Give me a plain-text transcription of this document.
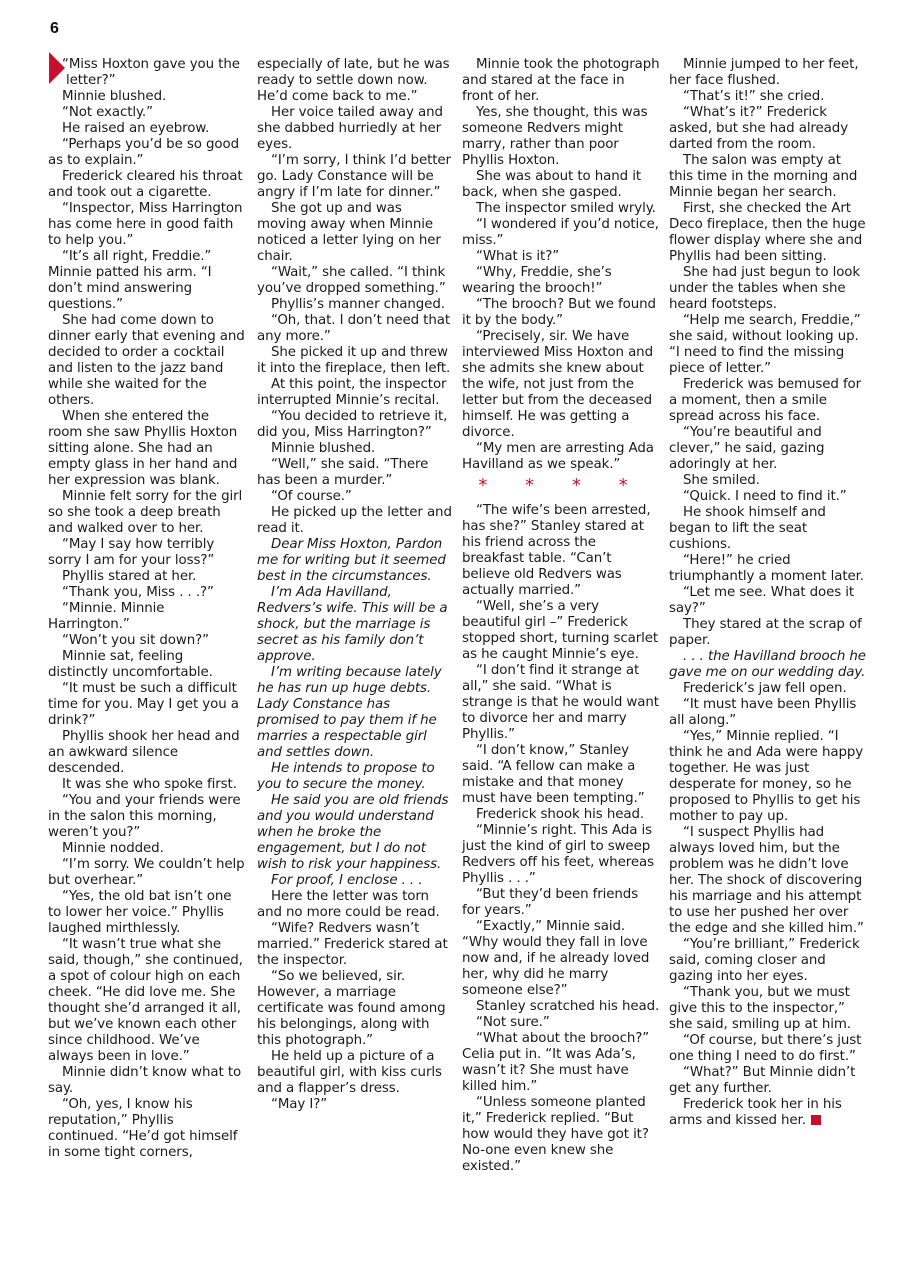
6

“Miss Hoxton gave you the letter?”

Minnie blushed.

“Not exactly.”

He raised an eyebrow.

“Perhaps you’d be so good as to explain.”

Frederick cleared his throat and took out a cigarette.

“Inspector, Miss Harrington has come here in good faith to help you.”

“It’s all right, Freddie.” Minnie patted his arm. “I don’t mind answering questions.”

She had come down to dinner early that evening and decided to order a cocktail and listen to the jazz band while she waited for the others.

When she entered the room she saw Phyllis Hoxton sitting alone. She had an empty glass in her hand and her expression was blank.

Minnie felt sorry for the girl so she took a deep breath and walked over to her.

“May I say how terribly sorry I am for your loss?”

Phyllis stared at her.

“Thank you, Miss . . .?”

“Minnie. Minnie Harrington.”

“Won’t you sit down?”

Minnie sat, feeling distinctly uncomfortable.

“It must be such a difficult time for you. May I get you a drink?”

Phyllis shook her head and an awkward silence descended.

It was she who spoke first.

“You and your friends were in the salon this morning, weren’t you?”

Minnie nodded.

“I’m sorry. We couldn’t help but overhear.”

“Yes, the old bat isn’t one to lower her voice.” Phyllis laughed mirthlessly.

“It wasn’t true what she said, though,” she continued, a spot of colour high on each cheek. “He did love me. She thought she’d arranged it all, but we’ve known each other since childhood. We’ve always been in love.”

Minnie didn’t know what to say.

“Oh, yes, I know his reputation,” Phyllis continued. “He’d got himself in some tight corners,

especially of late, but he was ready to settle down now. He’d come back to me.”

Her voice tailed away and she dabbed hurriedly at her eyes.

“I’m sorry, I think I’d better go. Lady Constance will be angry if I’m late for dinner.”

She got up and was moving away when Minnie noticed a letter lying on her chair.

“Wait,” she called. “I think you’ve dropped something.”

Phyllis’s manner changed.

“Oh, that. I don’t need that any more.”

She picked it up and threw it into the fireplace, then left.

At this point, the inspector interrupted Minnie’s recital.

“You decided to retrieve it, did you, Miss Harrington?”

Minnie blushed.

“Well,” she said. “There has been a murder.”

“Of course.”

He picked up the letter and read it.

Dear Miss Hoxton, Pardon me for writing but it seemed best in the circumstances.

I’m Ada Havilland, Redvers’s wife. This will be a shock, but the marriage is secret as his family don’t approve.

I’m writing because lately he has run up huge debts. Lady Constance has promised to pay them if he marries a respectable girl and settles down.

He intends to propose to you to secure the money.

He said you are old friends and you would understand when he broke the engagement, but I do not wish to risk your happiness.

For proof, I enclose . . .

Here the letter was torn and no more could be read.

“Wife? Redvers wasn’t married.” Frederick stared at the inspector.

“So we believed, sir. However, a marriage certificate was found among his belongings, along with this photograph.”

He held up a picture of a beautiful girl, with kiss curls and a flapper’s dress.

“May I?”

Minnie took the photograph and stared at the face in front of her.

Yes, she thought, this was someone Redvers might marry, rather than poor Phyllis Hoxton.

She was about to hand it back, when she gasped.

The inspector smiled wryly.

“I wondered if you’d notice, miss.”

“What is it?”

“Why, Freddie, she’s wearing the brooch!”

“The brooch? But we found it by the body.”

“Precisely, sir. We have interviewed Miss Hoxton and she admits she knew about the wife, not just from the letter but from the deceased himself. He was getting a divorce.

“My men are arresting Ada Havilland as we speak.”

* * * *

“The wife’s been arrested, has she?” Stanley stared at his friend across the breakfast table. “Can’t believe old Redvers was actually married.”

“Well, she’s a very beautiful girl –” Frederick stopped short, turning scarlet as he caught Minnie’s eye.

“I don’t find it strange at all,” she said. “What is strange is that he would want to divorce her and marry Phyllis.”

“I don’t know,” Stanley said. “A fellow can make a mistake and that money must have been tempting.”

Frederick shook his head.

“Minnie’s right. This Ada is just the kind of girl to sweep Redvers off his feet, whereas Phyllis . . .”

“But they’d been friends for years.”

“Exactly,” Minnie said. “Why would they fall in love now and, if he already loved her, why did he marry someone else?”

Stanley scratched his head.

“Not sure.”

“What about the brooch?” Celia put in. “It was Ada’s, wasn’t it? She must have killed him.”

“Unless someone planted it,” Frederick replied. “But how would they have got it? No-one even knew she existed.”

Minnie jumped to her feet, her face flushed.

“That’s it!” she cried.

“What’s it?” Frederick asked, but she had already darted from the room.

The salon was empty at this time in the morning and Minnie began her search.

First, she checked the Art Deco fireplace, then the huge flower display where she and Phyllis had been sitting.

She had just begun to look under the tables when she heard footsteps.

“Help me search, Freddie,” she said, without looking up. “I need to find the missing piece of letter.”

Frederick was bemused for a moment, then a smile spread across his face.

“You’re beautiful and clever,” he said, gazing adoringly at her.

She smiled.

“Quick. I need to find it.”

He shook himself and began to lift the seat cushions.

“Here!” he cried triumphantly a moment later.

“Let me see. What does it say?”

They stared at the scrap of paper.

. . . the Havilland brooch he gave me on our wedding day.

Frederick’s jaw fell open.

“It must have been Phyllis all along.”

“Yes,” Minnie replied. “I think he and Ada were happy together. He was just desperate for money, so he proposed to Phyllis to get his mother to pay up.

“I suspect Phyllis had always loved him, but the problem was he didn’t love her. The shock of discovering his marriage and his attempt to use her pushed her over the edge and she killed him.”

“You’re brilliant,” Frederick said, coming closer and gazing into her eyes.

“Thank you, but we must give this to the inspector,” she said, smiling up at him.

“Of course, but there’s just one thing I need to do first.”

“What?” But Minnie didn’t get any further.

Frederick took her in his arms and kissed her.
